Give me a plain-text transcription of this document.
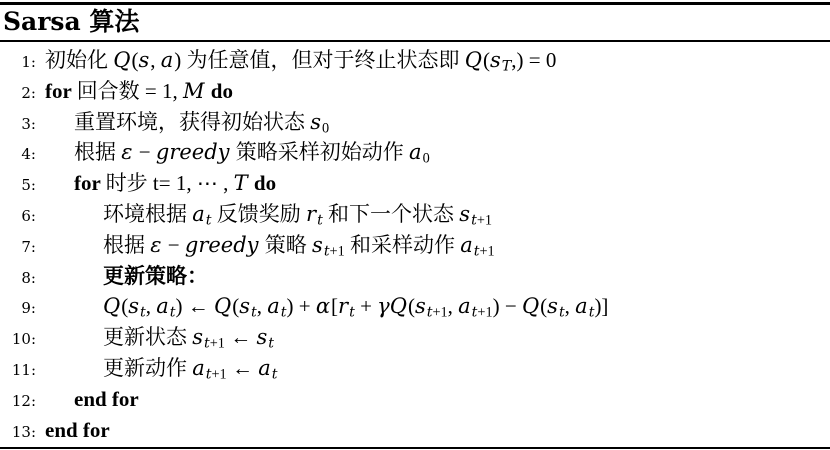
Sarsa 算法
1: 初始化 Q(s, a) 为任意值，但对于终止状态即 Q(sT,) = 0
2: for 回合数 = 1, M do
3:	重置环境，获得初始状态 s0
4:	根据 ε − greedy 策略采样初始动作 a0
5:	for 时步 t= 1, ⋯ , T do
6:	环境根据 at 反馈奖励 rt 和下一个状态 st+1
7:	根据 ε − greedy 策略 st+1 和采样动作 at+1
8:	更新策略：
9:	Q(st, at) ← Q(st, at) + α[rt + γQ(st+1, at+1) − Q(st, at)]
10:	更新状态 st+1 ← st
11:	更新动作 at+1 ← at
12:	end for
13: end for
